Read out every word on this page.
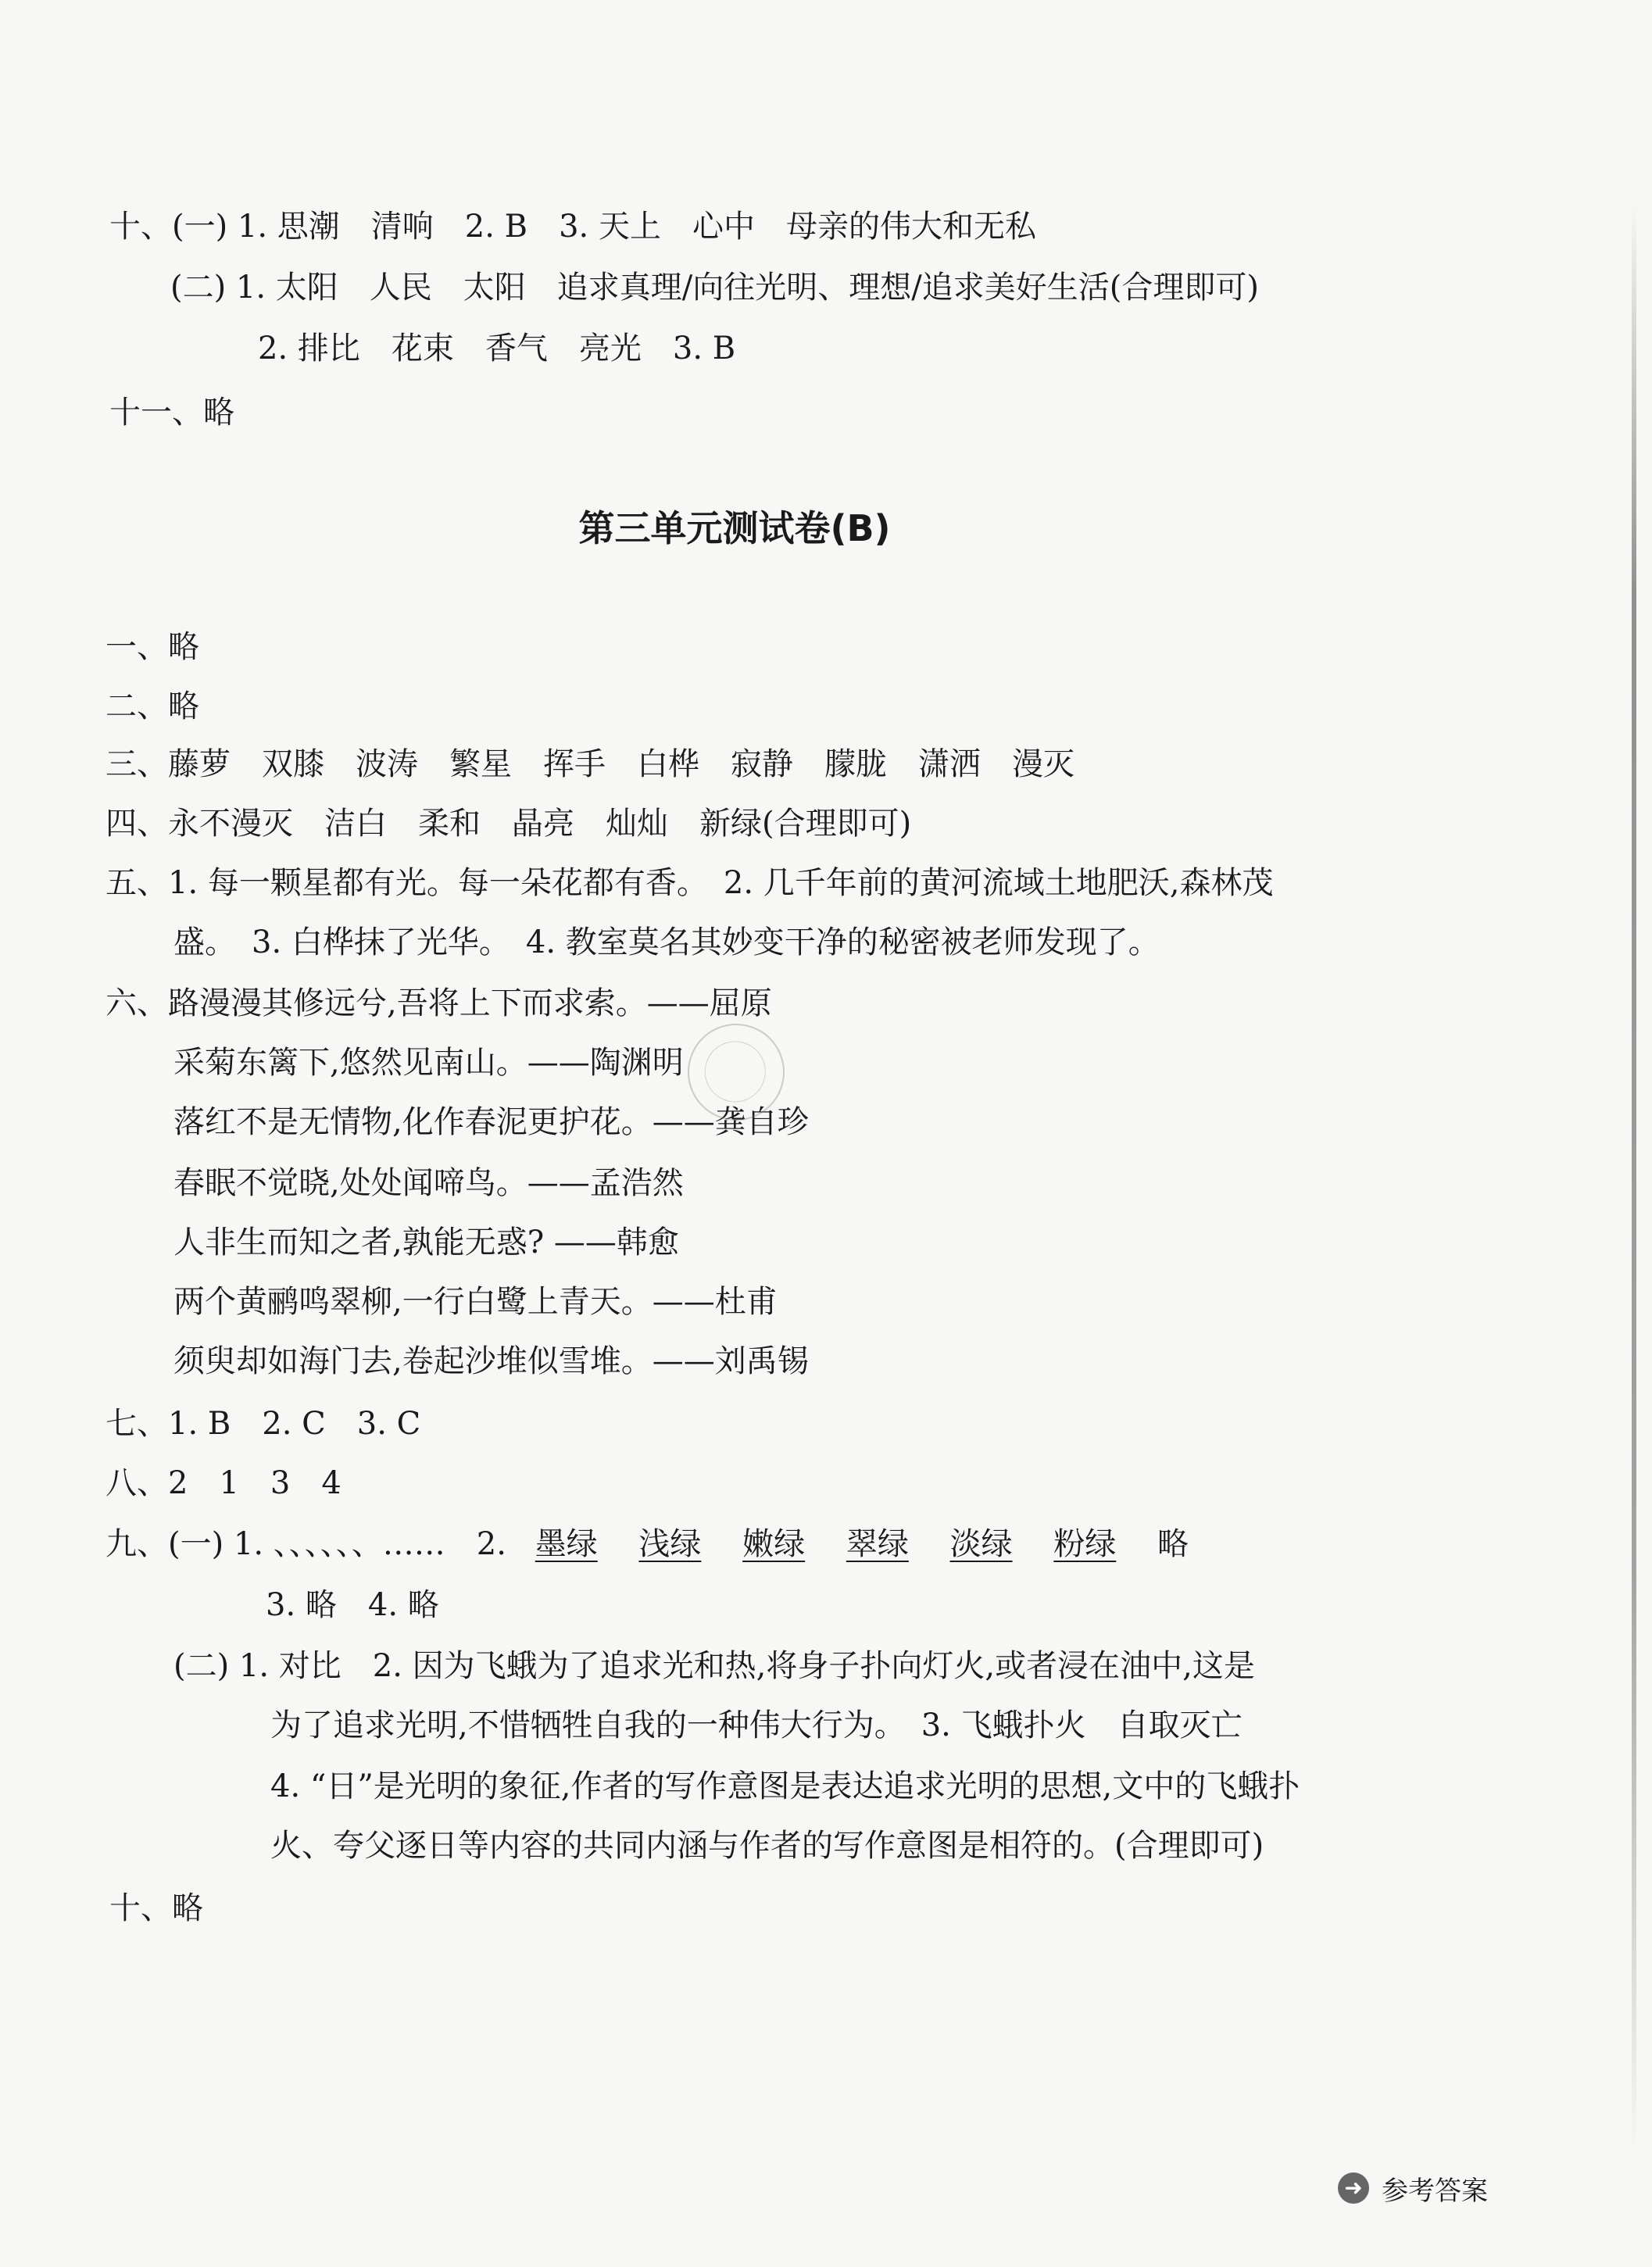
十、(一) 1. 思潮　清响　2. B　3. 天上　心中　母亲的伟大和无私
(二) 1. 太阳　人民　太阳　追求真理/向往光明、理想/追求美好生活(合理即可)
2. 排比　花束　香气　亮光　3. B
十一、略
第三单元测试卷(B)
一、略
二、略
三、藤萝　双膝　波涛　繁星　挥手　白桦　寂静　朦胧　潇洒　漫灭
四、永不漫灭　洁白　柔和　晶亮　灿灿　新绿(合理即可)
五、1. 每一颗星都有光。每一朵花都有香。　2. 几千年前的黄河流域土地肥沃,森林茂
盛。　3. 白桦抹了光华。　4. 教室莫名其妙变干净的秘密被老师发现了。
六、路漫漫其修远兮,吾将上下而求索。——屈原
采菊东篱下,悠然见南山。——陶渊明
落红不是无情物,化作春泥更护花。——龚自珍
春眠不觉晓,处处闻啼鸟。——孟浩然
人非生而知之者,孰能无惑? ——韩愈
两个黄鹂鸣翠柳,一行白鹭上青天。——杜甫
须臾却如海门去,卷起沙堆似雪堆。——刘禹锡
七、1. B　2. C　3. C
八、2　1　3　4
九、(一) 1. 、、、、、、……　2. 墨绿 浅绿 嫩绿 翠绿 淡绿 粉绿 略
3. 略　4. 略
(二) 1. 对比　2. 因为飞蛾为了追求光和热,将身子扑向灯火,或者浸在油中,这是
为了追求光明,不惜牺牲自我的一种伟大行为。　3. 飞蛾扑火　自取灭亡
4. “日”是光明的象征,作者的写作意图是表达追求光明的思想,文中的飞蛾扑
火、夸父逐日等内容的共同内涵与作者的写作意图是相符的。(合理即可)
十、略
➜ 参考答案
